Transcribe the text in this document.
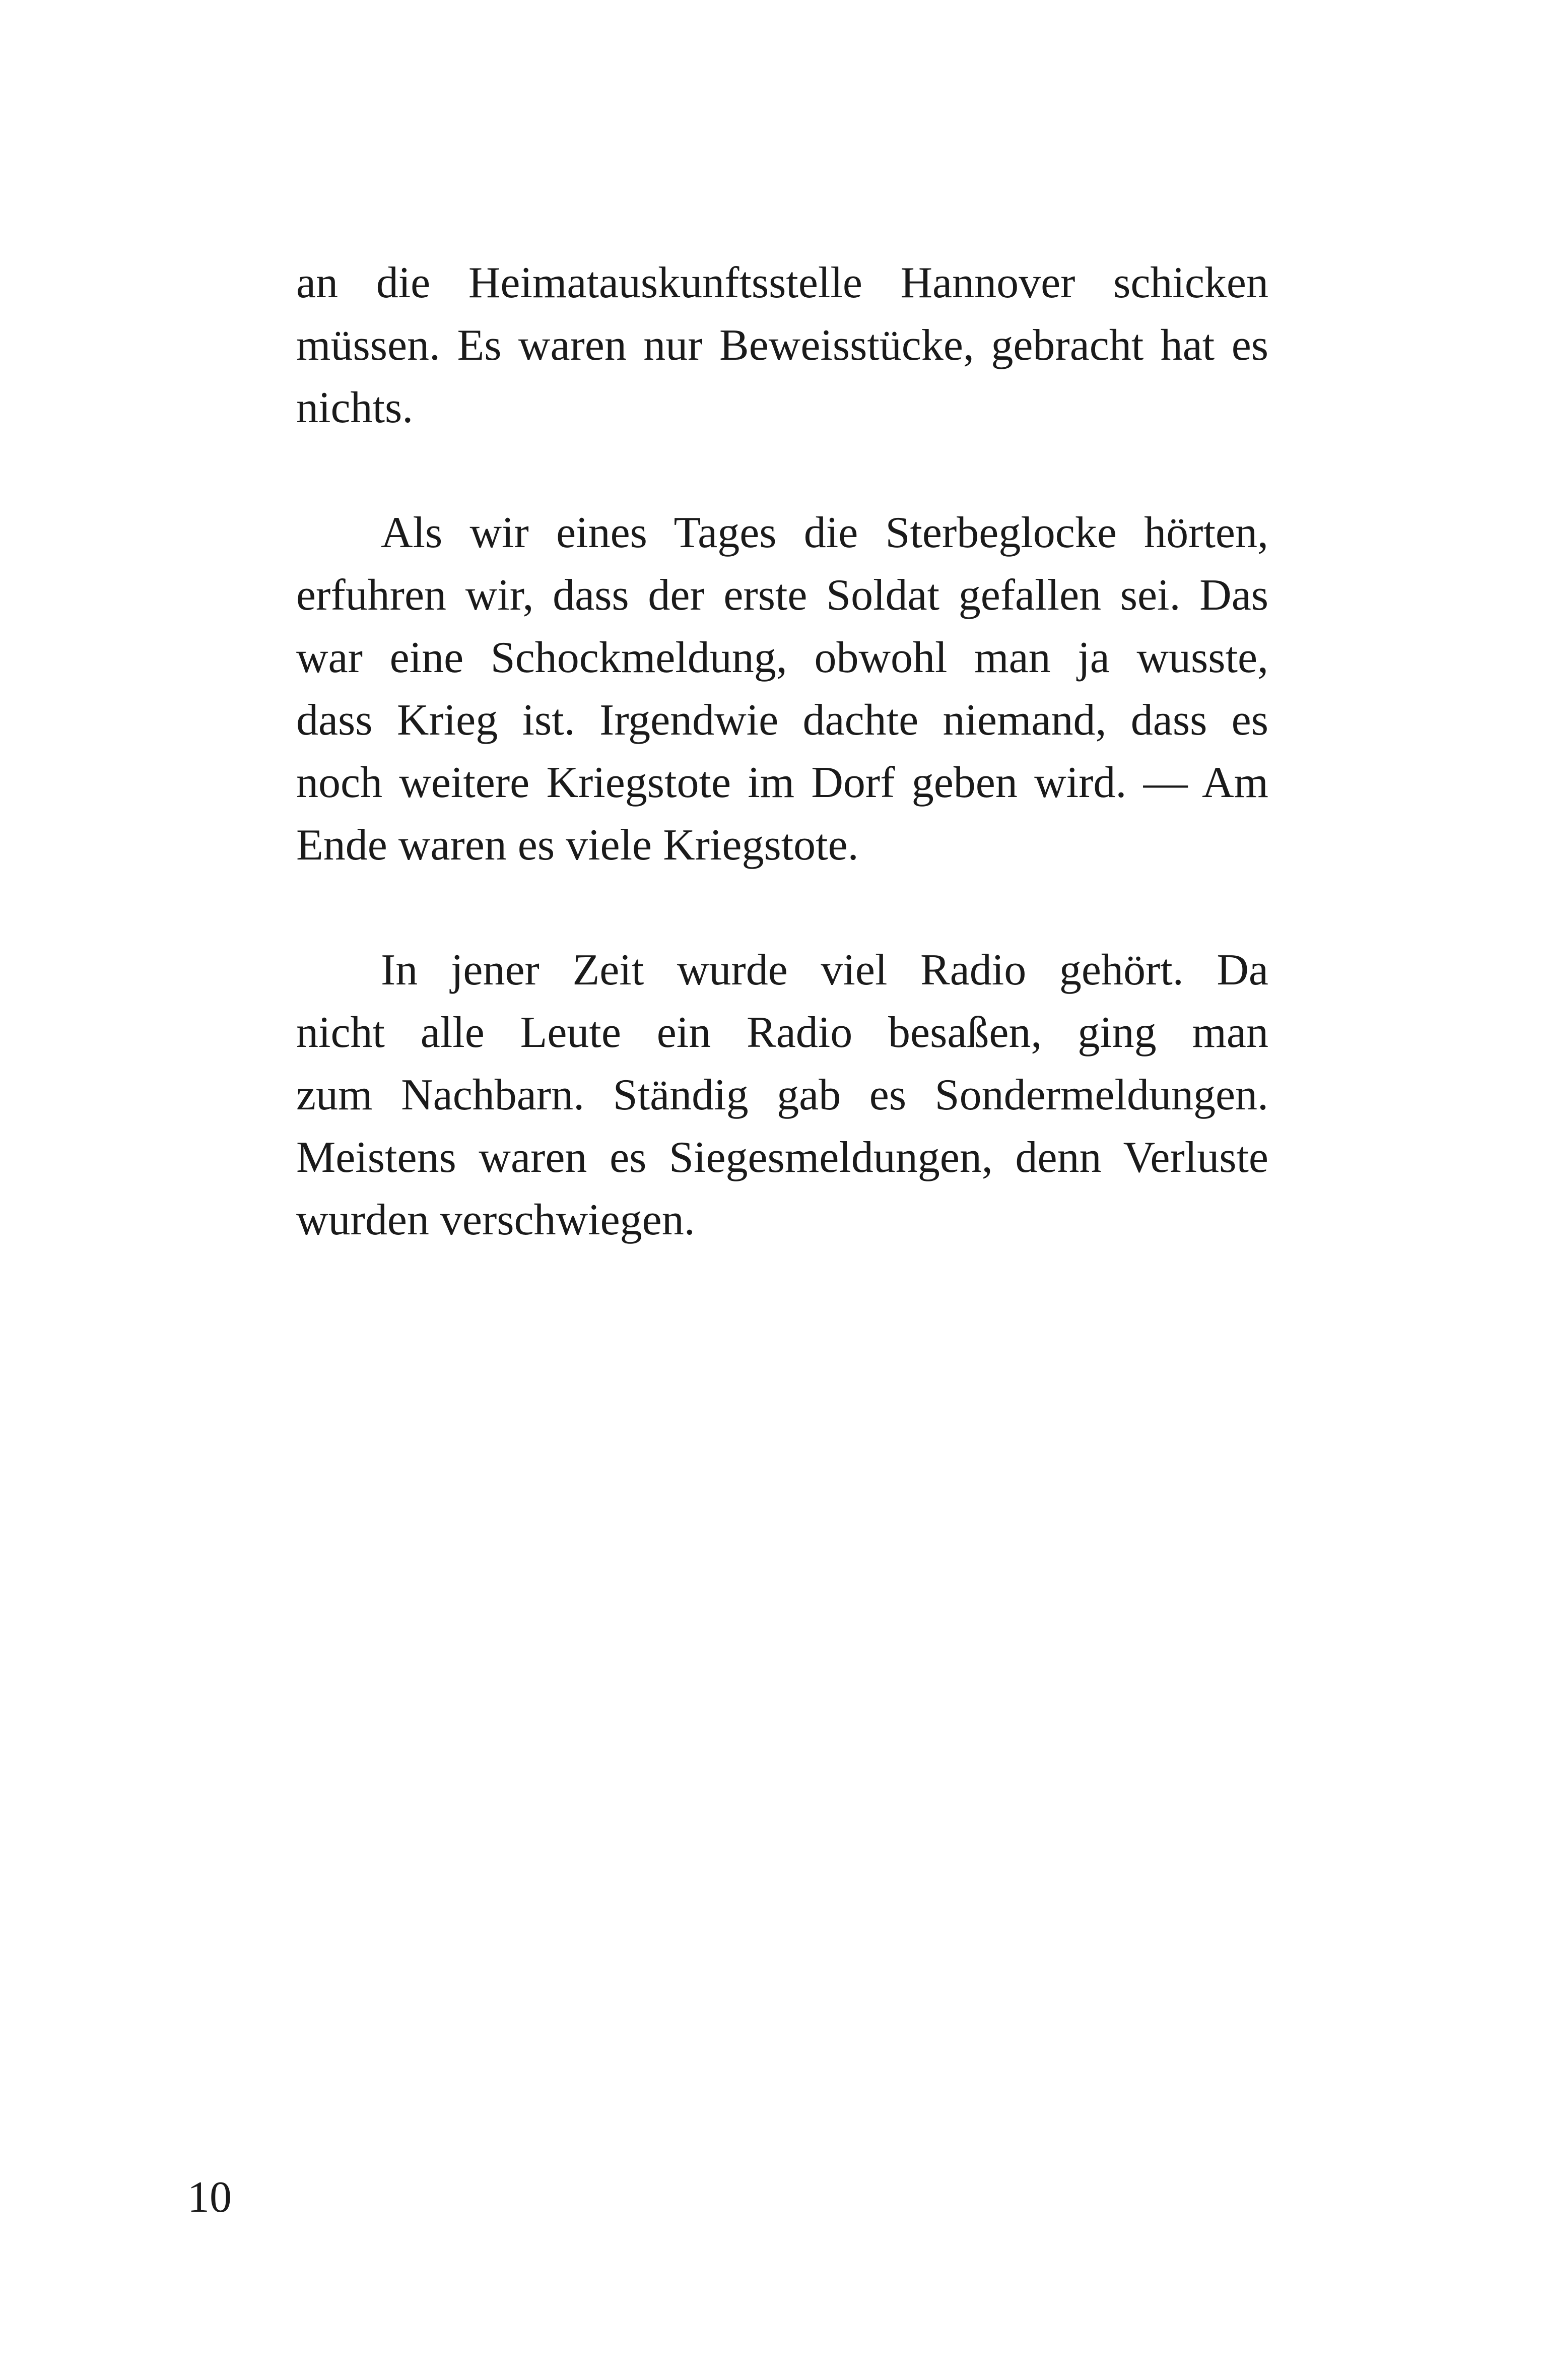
an die Heimatauskunftsstelle Hannover schicken
müssen. Es waren nur Beweisstücke, gebracht hat es
nichts.

Als wir eines Tages die Sterbeglocke hörten,
erfuhren wir, dass der erste Soldat gefallen sei. Das
war eine Schockmeldung, obwohl man ja wusste,
dass Krieg ist. Irgendwie dachte niemand, dass es
noch weitere Kriegstote im Dorf geben wird. — Am
Ende waren es viele Kriegstote.

In jener Zeit wurde viel Radio gehört. Da
nicht alle Leute ein Radio besaßen, ging man
zum Nachbarn. Ständig gab es Sondermeldungen.
Meistens waren es Siegesmeldungen, denn Verluste
wurden verschwiegen.

10
